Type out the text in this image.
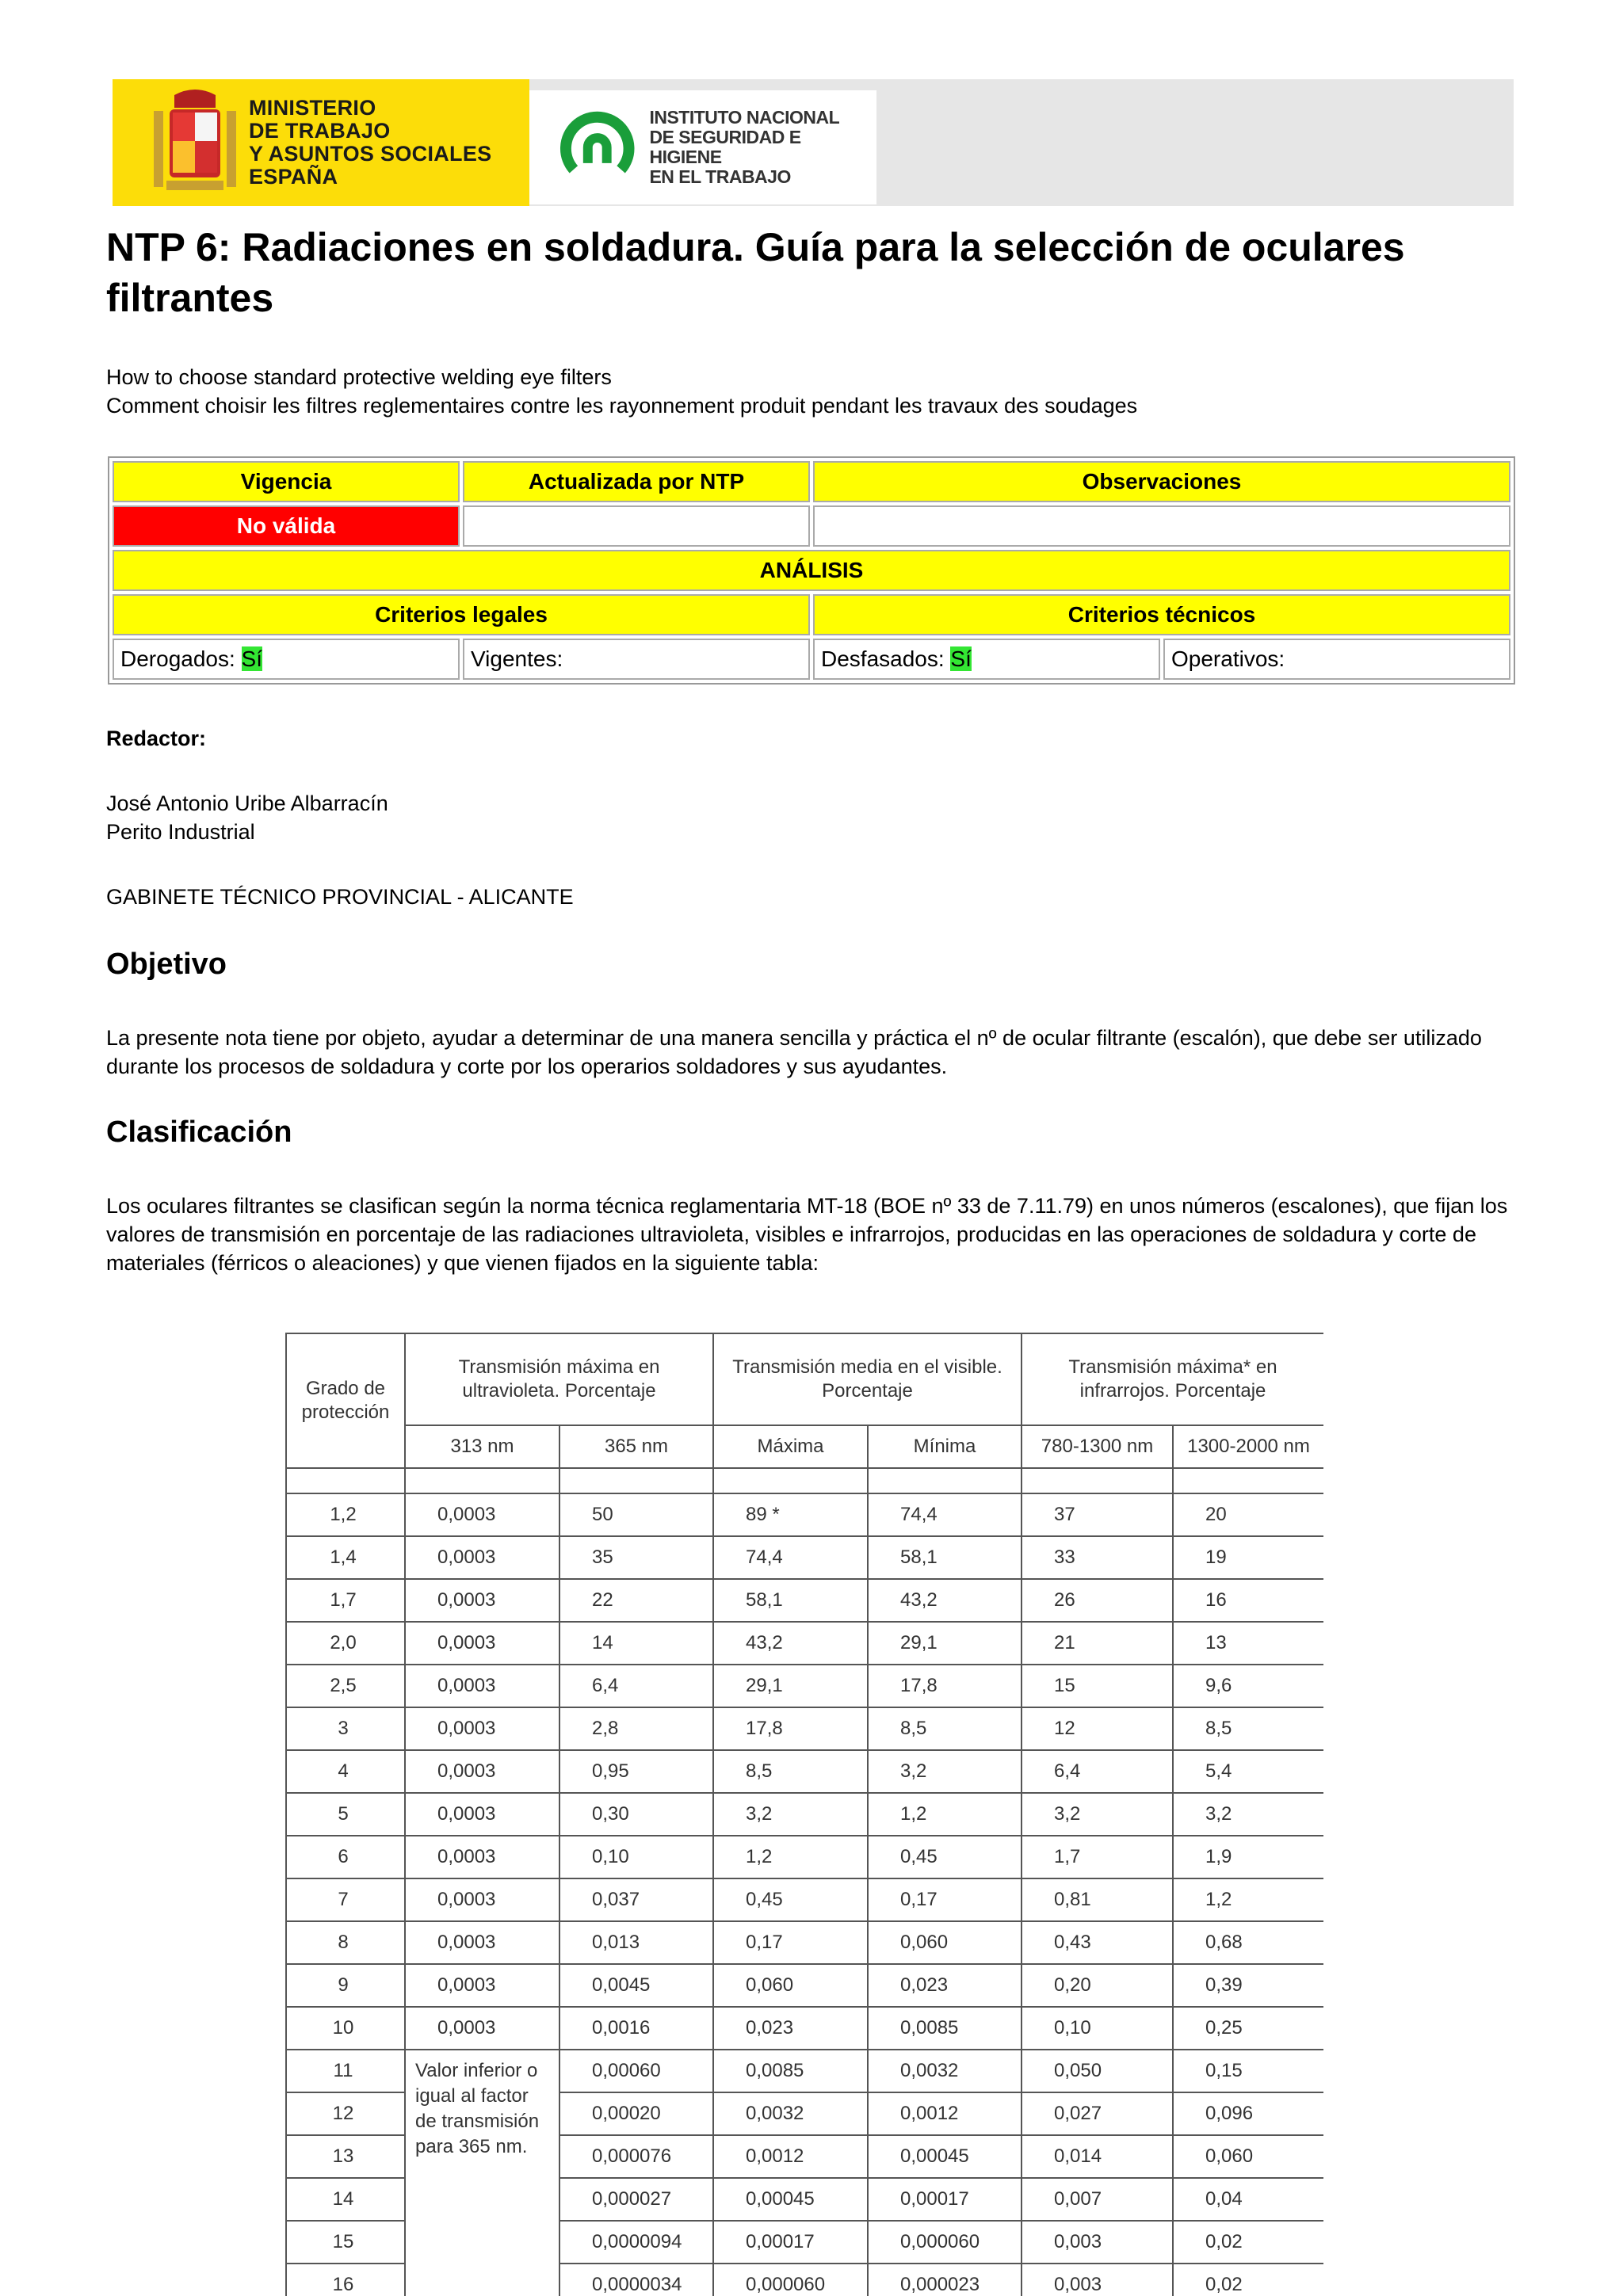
MINISTERIO
DE TRABAJO
Y ASUNTOS SOCIALES
ESPAÑA
INSTITUTO NACIONAL
DE SEGURIDAD E HIGIENE
EN EL TRABAJO
NTP 6: Radiaciones en soldadura. Guía para la selección de oculares filtrantes
How to choose standard protective welding eye filters
Comment choisir les filtres reglementaires contre les rayonnement produit pendant les travaux des soudages
Vigencia	Actualizada por NTP	Observaciones	
No válida			
ANÁLISIS			
Criterios legales		Criterios técnicos	
Derogados: Sí	Vigentes:	Desfasados: Sí	Operativos:
Redactor:
José Antonio Uribe Albarracín
Perito Industrial
GABINETE TÉCNICO PROVINCIAL - ALICANTE
Objetivo
La presente nota tiene por objeto, ayudar a determinar de una manera sencilla y práctica el nº de ocular filtrante (escalón), que debe ser utilizado durante los procesos de soldadura y corte por los operarios soldadores y sus ayudantes.
Clasificación
Los oculares filtrantes se clasifican según la norma técnica reglamentaria MT-18 (BOE nº 33 de 7.11.79) en unos números (escalones), que fijan los valores de transmisión en porcentaje de las radiaciones ultravioleta, visibles e infrarrojos, producidas en las operaciones de soldadura y corte de materiales (férricos o aleaciones) y que vienen fijados en la siguiente tabla:
Grado de protección	Transmisión máxima en ultravioleta. Porcentaje		Transmisión media en el visible. Porcentaje		Transmisión máxima* en infrarrojos. Porcentaje	
	313 nm	365 nm	Máxima	Mínima	780-1300 nm	1300-2000 nm

1,2	0,0003	50	89 *	74,4	37	20
1,4	0,0003	35	74,4	58,1	33	19
1,7	0,0003	22	58,1	43,2	26	16
2,0	0,0003	14	43,2	29,1	21	13
2,5	0,0003	6,4	29,1	17,8	15	9,6
3	0,0003	2,8	17,8	8,5	12	8,5
4	0,0003	0,95	8,5	3,2	6,4	5,4
5	0,0003	0,30	3,2	1,2	3,2	3,2
6	0,0003	0,10	1,2	0,45	1,7	1,9
7	0,0003	0,037	0,45	0,17	0,81	1,2
8	0,0003	0,013	0,17	0,060	0,43	0,68
9	0,0003	0,0045	0,060	0,023	0,20	0,39
10	0,0003	0,0016	0,023	0,0085	0,10	0,25
11	Valor inferior o igual al factor de transmisión para 365 nm.	0,00060	0,0085	0,0032	0,050	0,15
12		0,00020	0,0032	0,0012	0,027	0,096
13		0,000076	0,0012	0,00045	0,014	0,060
14		0,000027	0,00045	0,00017	0,007	0,04
15		0,0000094	0,00017	0,000060	0,003	0,02
16		0,0000034	0,000060	0,000023	0,003	0,02
